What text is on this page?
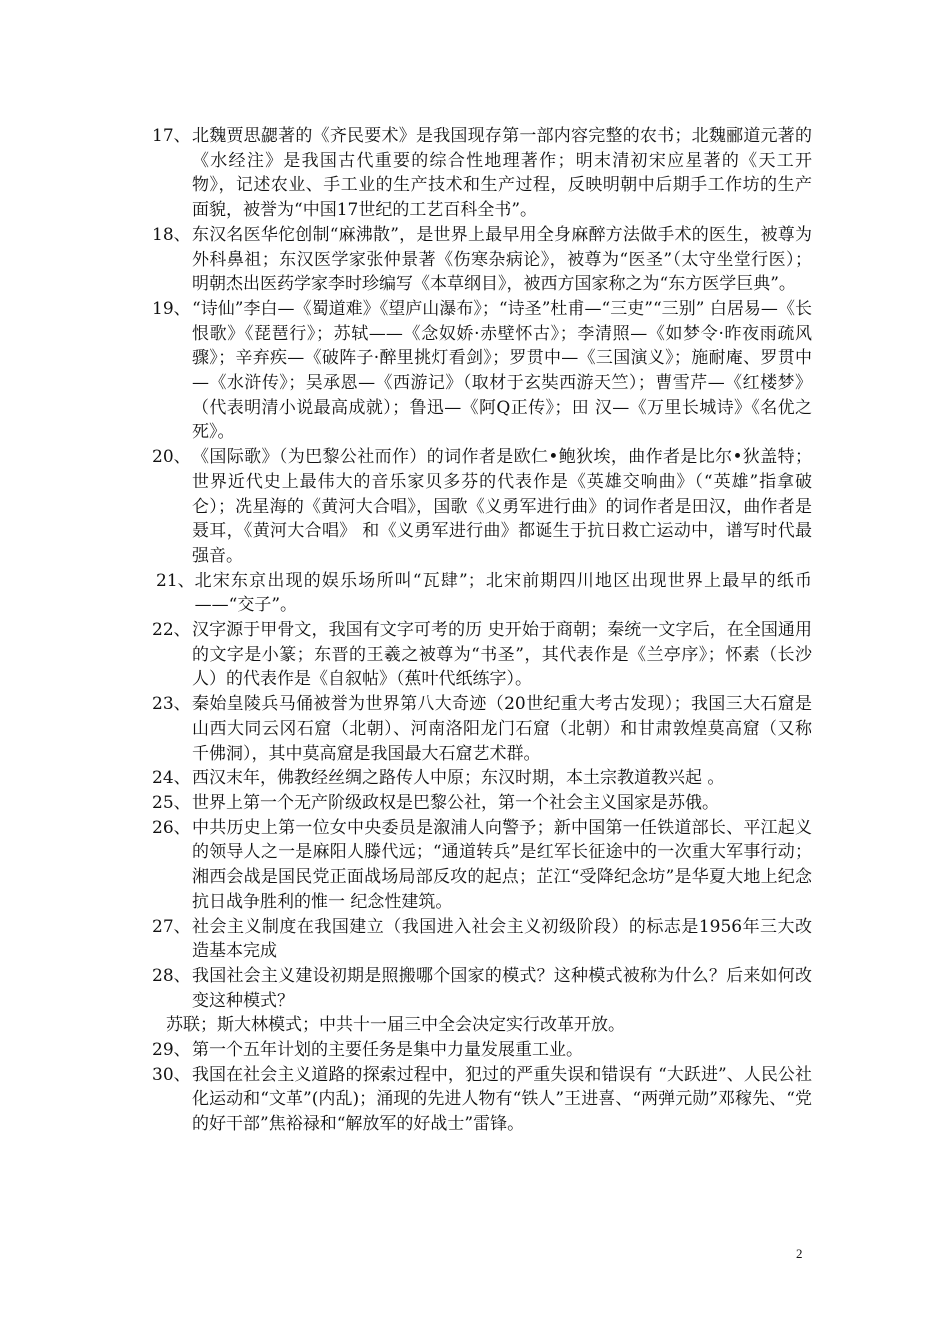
17、 北魏贾思勰著的《齐民要术》是我国现存第一部内容完整的农书；北魏郦道元著的《水经注》是我国古代重要的综合性地理著作；明末清初宋应星著的《天工开物》，记述农业、手工业的生产技术和生产过程，反映明朝中后期手工作坊的生产面貌，被誉为“中国17世纪的工艺百科全书”。
18、 东汉名医华佗创制“麻沸散”，是世界上最早用全身麻醉方法做手术的医生，被尊为外科鼻祖；东汉医学家张仲景著《伤寒杂病论》，被尊为“医圣”（太守坐堂行医）；明朝杰出医药学家李时珍编写《本草纲目》，被西方国家称之为“东方医学巨典”。
19、 “诗仙”李白—《蜀道难》《望庐山瀑布》；“诗圣”杜甫—“三吏”“三别” 白居易—《长恨歌》《琵琶行》；苏轼——《念奴娇·赤壁怀古》；李清照—《如梦令·昨夜雨疏风骤》；辛弃疾—《破阵子·醉里挑灯看剑》；罗贯中—《三国演义》；施耐庵、罗贯中—《水浒传》；吴承恩—《西游记》（取材于玄奘西游天竺）；曹雪芹—《红楼梦》（代表明清小说最高成就）；鲁迅—《阿Q正传》；田 汉—《万里长城诗》《名优之死》。
20、 《国际歌》（为巴黎公社而作）的词作者是欧仁•鲍狄埃，曲作者是比尔•狄盖特；世界近代史上最伟大的音乐家贝多芬的代表作是《英雄交响曲》（“英雄”指拿破仑）；冼星海的《黄河大合唱》，国歌《义勇军进行曲》的词作者是田汉，曲作者是聂耳，《黄河大合唱》 和《义勇军进行曲》都诞生于抗日救亡运动中，谱写时代最强音。
21、 北宋东京出现的娱乐场所叫“瓦肆”；北宋前期四川地区出现世界上最早的纸币 ——“交子”。
22、 汉字源于甲骨文，我国有文字可考的历 史开始于商朝；秦统一文字后，在全国通用的文字是小篆；东晋的王羲之被尊为“书圣”，其代表作是《兰亭序》；怀素（长沙人）的代表作是《自叙帖》（蕉叶代纸练字）。
23、 秦始皇陵兵马俑被誉为世界第八大奇迹（20世纪重大考古发现）；我国三大石窟是山西大同云冈石窟（北朝）、河南洛阳龙门石窟（北朝）和甘肃敦煌莫高窟（又称千佛洞），其中莫高窟是我国最大石窟艺术群。
24、 西汉末年，佛教经丝绸之路传人中原；东汉时期，本土宗教道教兴起 。
25、 世界上第一个无产阶级政权是巴黎公社，第一个社会主义国家是苏俄。
26、 中共历史上第一位女中央委员是溆浦人向警予；新中国第一任铁道部长、平江起义的领导人之一是麻阳人滕代远；“通道转兵”是红军长征途中的一次重大军事行动；湘西会战是国民党正面战场局部反攻的起点；芷江“受降纪念坊”是华夏大地上纪念抗日战争胜利的惟一 纪念性建筑。
27、 社会主义制度在我国建立（我国进入社会主义初级阶段）的标志是1956年三大改造基本完成
28、 我国社会主义建设初期是照搬哪个国家的模式？这种模式被称为什么？后来如何改变这种模式？
苏联；斯大林模式；中共十一届三中全会决定实行改革开放。
29、 第一个五年计划的主要任务是集中力量发展重工业。
30、 我国在社会主义道路的探索过程中，犯过的严重失误和错误有 “大跃进”、人民公社化运动和“文革”(内乱)；涌现的先进人物有“铁人”王进喜、“两弹元勋”邓稼先、“党的好干部”焦裕禄和“解放军的好战士”雷锋。
2
